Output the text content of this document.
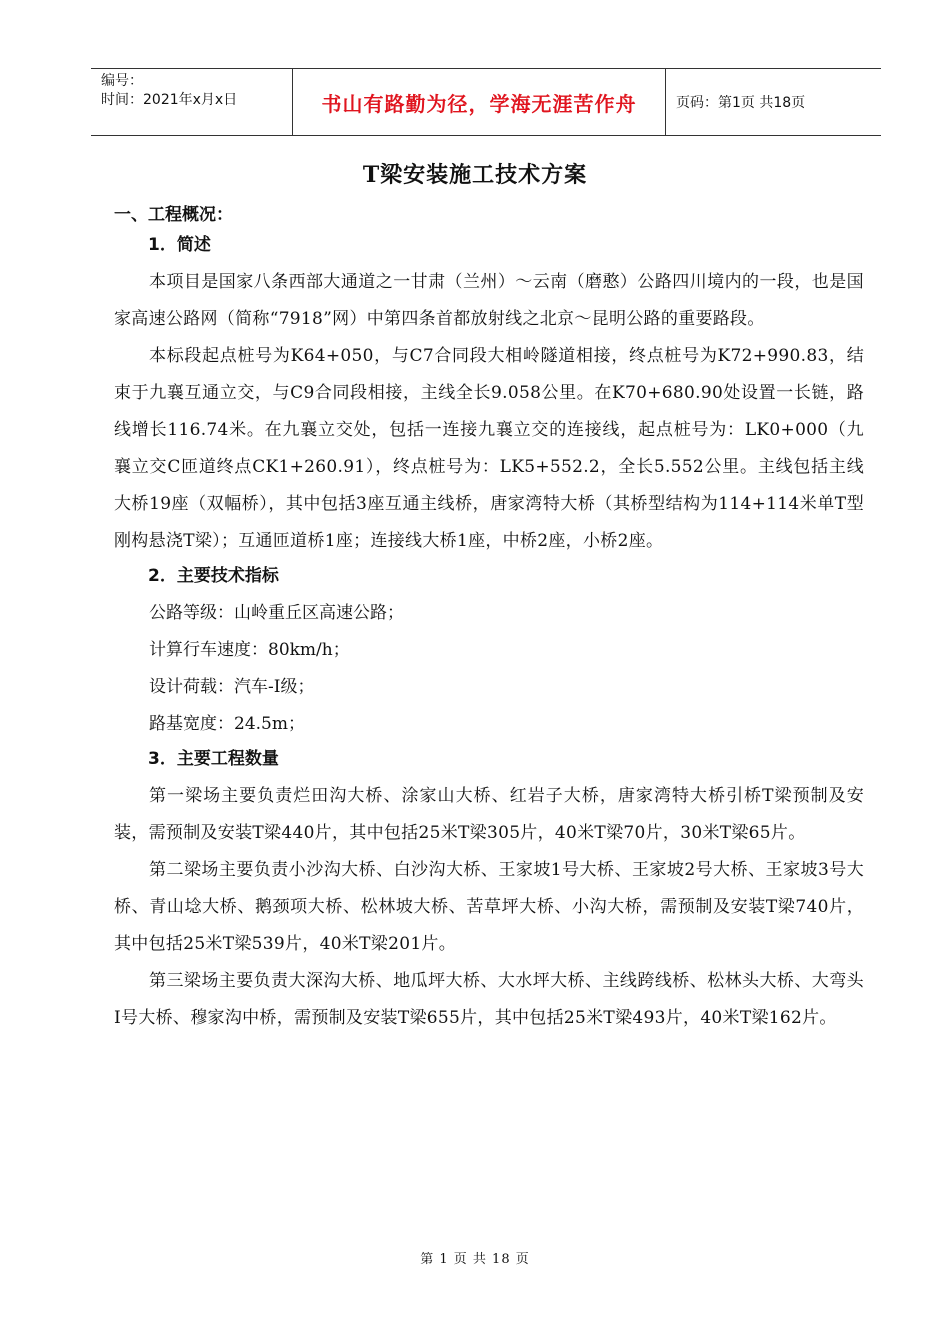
编号：
时间：2021年x月x日	书山有路勤为径，学海无涯苦作舟	页码：第1页 共18页
T梁安装施工技术方案
一、工程概况：
1．简述

本项目是国家八条西部大通道之一甘肃（兰州）～云南（磨憨）公路四川境内的一段，也是国家高速公路网（简称“7918”网）中第四条首都放射线之北京～昆明公路的重要路段。

本标段起点桩号为K64+050，与C7合同段大相岭隧道相接，终点桩号为K72+990.83，结束于九襄互通立交，与C9合同段相接，主线全长9.058公里。在K70+680.90处设置一长链，路线增长116.74米。在九襄立交处，包括一连接九襄立交的连接线，起点桩号为：LK0+000（九襄立交C匝道终点CK1+260.91），终点桩号为：LK5+552.2，全长5.552公里。主线包括主线大桥19座（双幅桥），其中包括3座互通主线桥，唐家湾特大桥（其桥型结构为114+114米单T型刚构悬浇T梁）；互通匝道桥1座；连接线大桥1座，中桥2座，小桥2座。

2．主要技术指标

公路等级：山岭重丘区高速公路；

计算行车速度：80km/h；

设计荷载：汽车-I级；

路基宽度：24.5m；

3．主要工程数量

第一梁场主要负责烂田沟大桥、涂家山大桥、红岩子大桥，唐家湾特大桥引桥T梁预制及安装，需预制及安装T梁440片，其中包括25米T梁305片，40米T梁70片，30米T梁65片。

第二梁场主要负责小沙沟大桥、白沙沟大桥、王家坡1号大桥、王家坡2号大桥、王家坡3号大桥、青山埝大桥、鹅颈项大桥、松林坡大桥、苦草坪大桥、小沟大桥，需预制及安装T梁740片，其中包括25米T梁539片，40米T梁201片。

第三梁场主要负责大深沟大桥、地瓜坪大桥、大水坪大桥、主线跨线桥、松林头大桥、大弯头I号大桥、穆家沟中桥，需预制及安装T梁655片，其中包括25米T梁493片，40米T梁162片。

第 1 页 共 18 页
